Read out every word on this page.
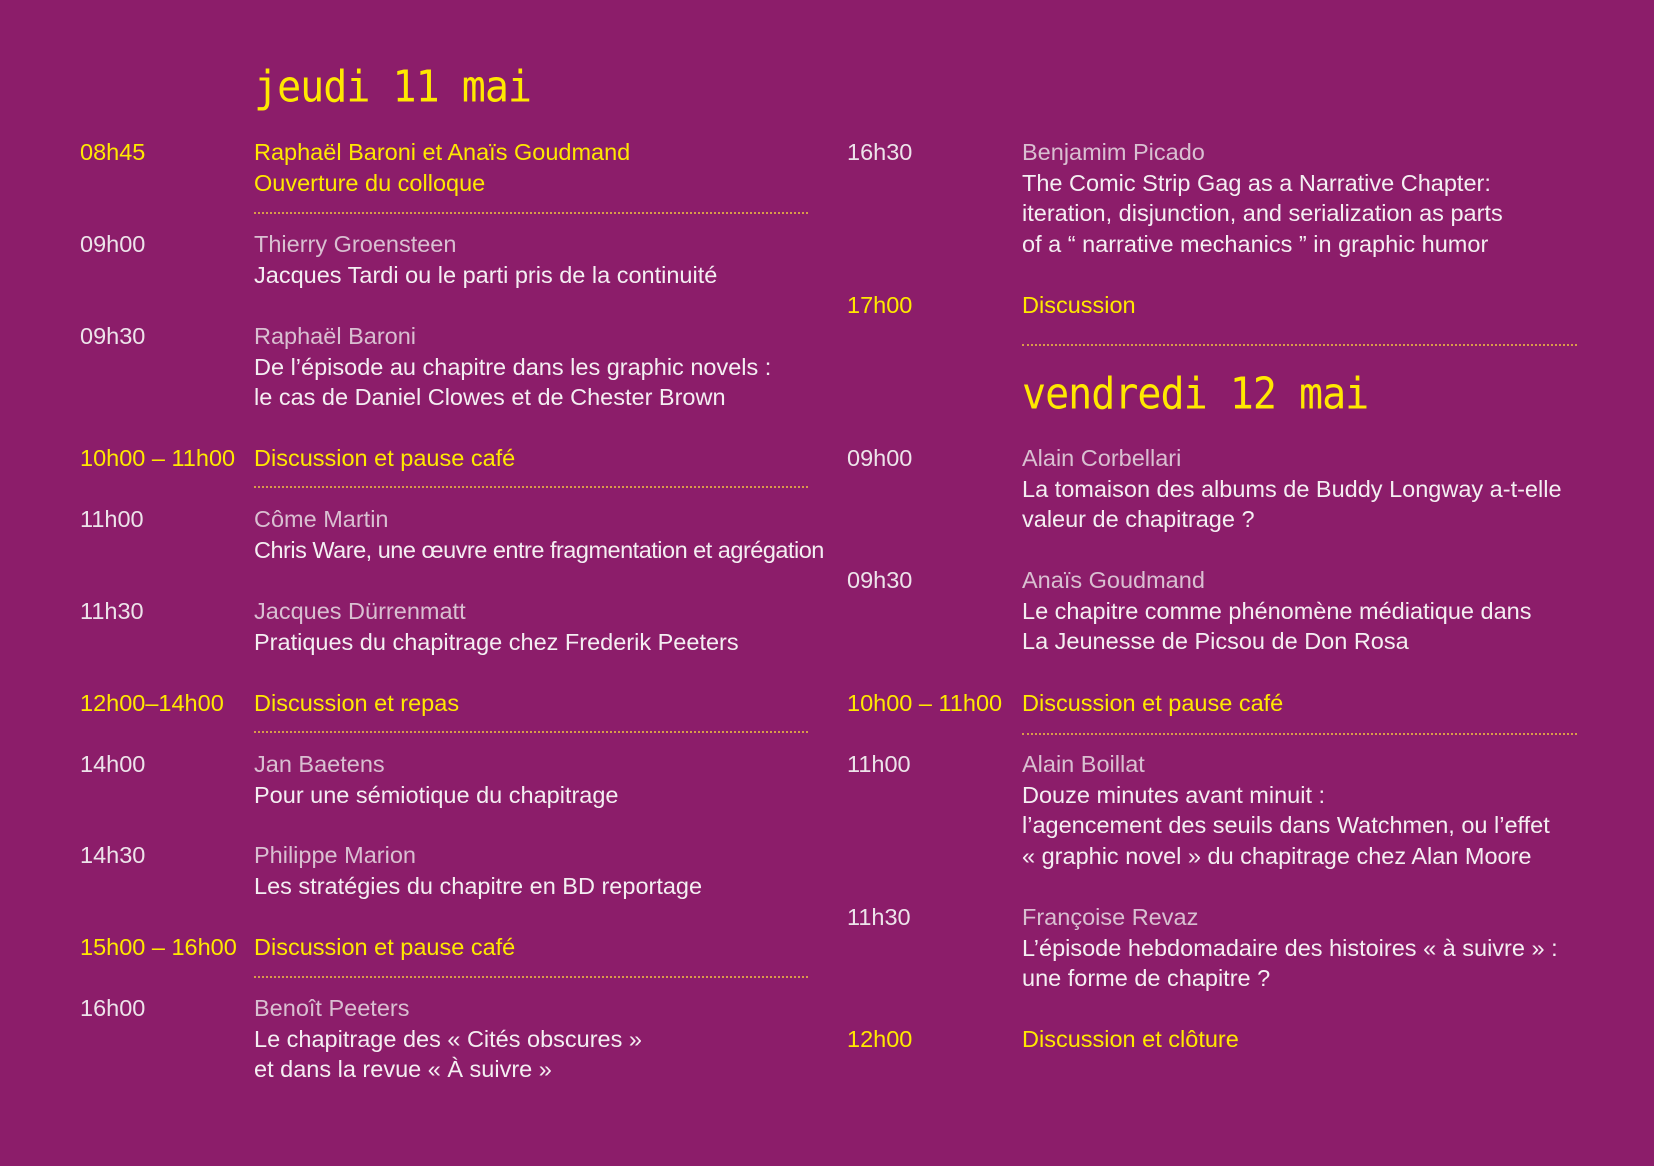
jeudi 11 mai
08h45	Raphaël Baroni et Anaïs Goudmand
Ouverture du colloque
09h00	Thierry Groensteen
Jacques Tardi ou le parti pris de la continuité
09h30	Raphaël Baroni
De l’épisode au chapitre dans les graphic novels :
le cas de Daniel Clowes et de Chester Brown
10h00 – 11h00 Discussion et pause café
11h00	Côme Martin
Chris Ware, une œuvre entre fragmentation et agrégation
11h30	Jacques Dürrenmatt
Pratiques du chapitrage chez Frederik Peeters
12h00–14h00 Discussion et repas
14h00	Jan Baetens
Pour une sémiotique du chapitrage
14h30	Philippe Marion
Les stratégies du chapitre en BD reportage
15h00 – 16h00 Discussion et pause café
16h00	Benoît Peeters
Le chapitrage des « Cités obscures »
et dans la revue « À suivre »
16h30	Benjamim Picado
The Comic Strip Gag as a Narrative Chapter:
iteration, disjunction, and serialization as parts
of a “ narrative mechanics ” in graphic humor
17h00	Discussion
vendredi 12 mai
09h00	Alain Corbellari
La tomaison des albums de Buddy Longway a-t-elle
valeur de chapitrage ?
09h30	Anaïs Goudmand
Le chapitre comme phénomène médiatique dans
La Jeunesse de Picsou de Don Rosa
10h00 – 11h00 Discussion et pause café
11h00	Alain Boillat
Douze minutes avant minuit :
l’agencement des seuils dans Watchmen, ou l’effet
« graphic novel » du chapitrage chez Alan Moore
11h30	Françoise Revaz
L’épisode hebdomadaire des histoires « à suivre » :
une forme de chapitre ?
12h00	Discussion et clôture
